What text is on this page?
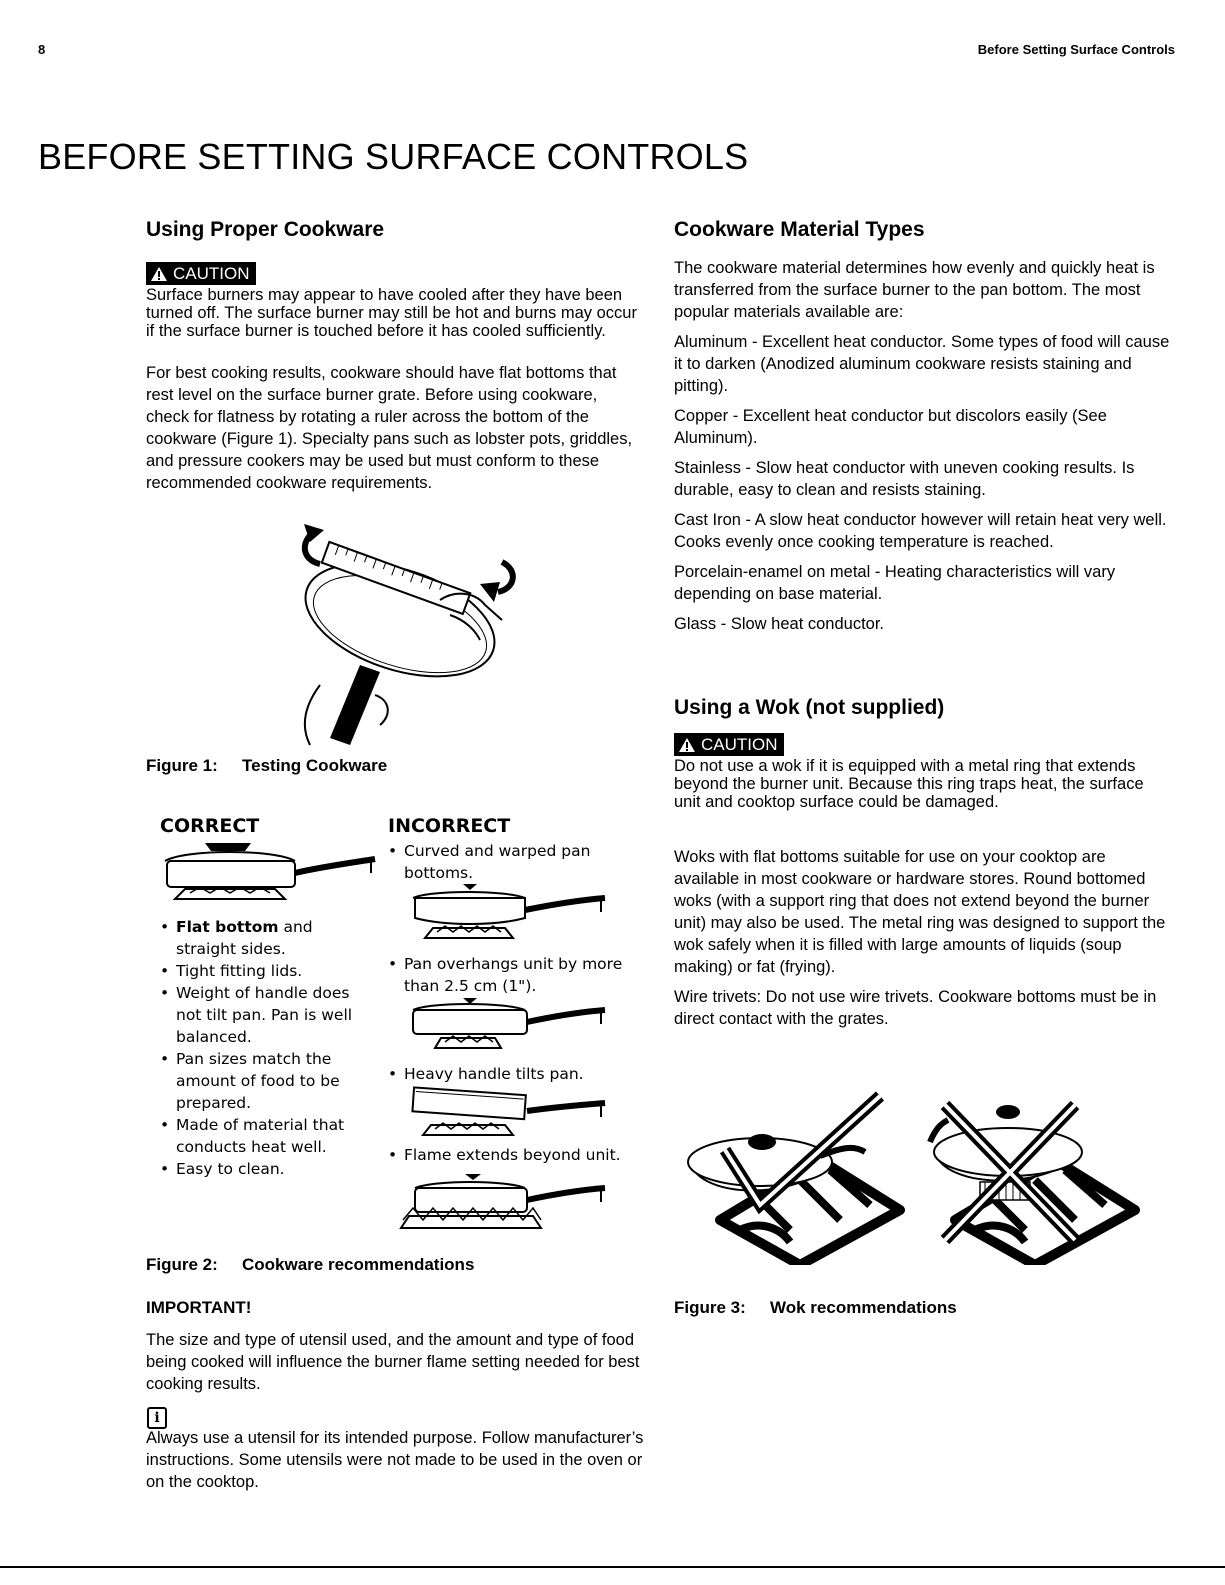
8	Before Setting Surface Controls
BEFORE SETTING SURFACE CONTROLS
Using Proper Cookware
CAUTION
Surface burners may appear to have cooled after they have been turned off. The surface burner may still be hot and burns may occur if the surface burner is touched before it has cooled sufficiently.
For best cooking results, cookware should have flat bottoms that rest level on the surface burner grate. Before using cookware, check for flatness by rotating a ruler across the bottom of the cookware (Figure 1). Specialty pans such as lobster pots, griddles, and pressure cookers may be used but must conform to these recommended cookware requirements.
Figure 1: Testing Cookware
CORRECT	INCORRECT
• Flat bottom and straight sides.
• Tight fitting lids.
• Weight of handle does not tilt pan. Pan is well balanced.
• Pan sizes match the amount of food to be prepared.
• Made of material that conducts heat well.
• Easy to clean.
• Curved and warped pan bottoms.
• Pan overhangs unit by more than 2.5 cm (1").
• Heavy handle tilts pan.
• Flame extends beyond unit.
Figure 2: Cookware recommendations
IMPORTANT!
The size and type of utensil used, and the amount and type of food being cooked will influence the burner flame setting needed for best cooking results.
i
Always use a utensil for its intended purpose. Follow manufacturer’s instructions. Some utensils were not made to be used in the oven or on the cooktop.
Cookware Material Types

The cookware material determines how evenly and quickly heat is transferred from the surface burner to the pan bottom. The most popular materials available are:

Aluminum - Excellent heat conductor. Some types of food will cause it to darken (Anodized aluminum cookware resists staining and pitting).

Copper - Excellent heat conductor but discolors easily (See Aluminum).

Stainless - Slow heat conductor with uneven cooking results. Is durable, easy to clean and resists staining.

Cast Iron - A slow heat conductor however will retain heat very well. Cooks evenly once cooking temperature is reached.

Porcelain-enamel on metal - Heating characteristics will vary depending on base material.

Glass - Slow heat conductor.

Using a Wok (not supplied)
CAUTION
Do not use a wok if it is equipped with a metal ring that extends beyond the burner unit. Because this ring traps heat, the surface unit and cooktop surface could be damaged.

Woks with flat bottoms suitable for use on your cooktop are available in most cookware or hardware stores. Round bottomed woks (with a support ring that does not extend beyond the burner unit) may also be used. The metal ring was designed to support the wok safely when it is filled with large amounts of liquids (soup making) or fat (frying).

Wire trivets: Do not use wire trivets. Cookware bottoms must be in direct contact with the grates.

Figure 3: Wok recommendations
